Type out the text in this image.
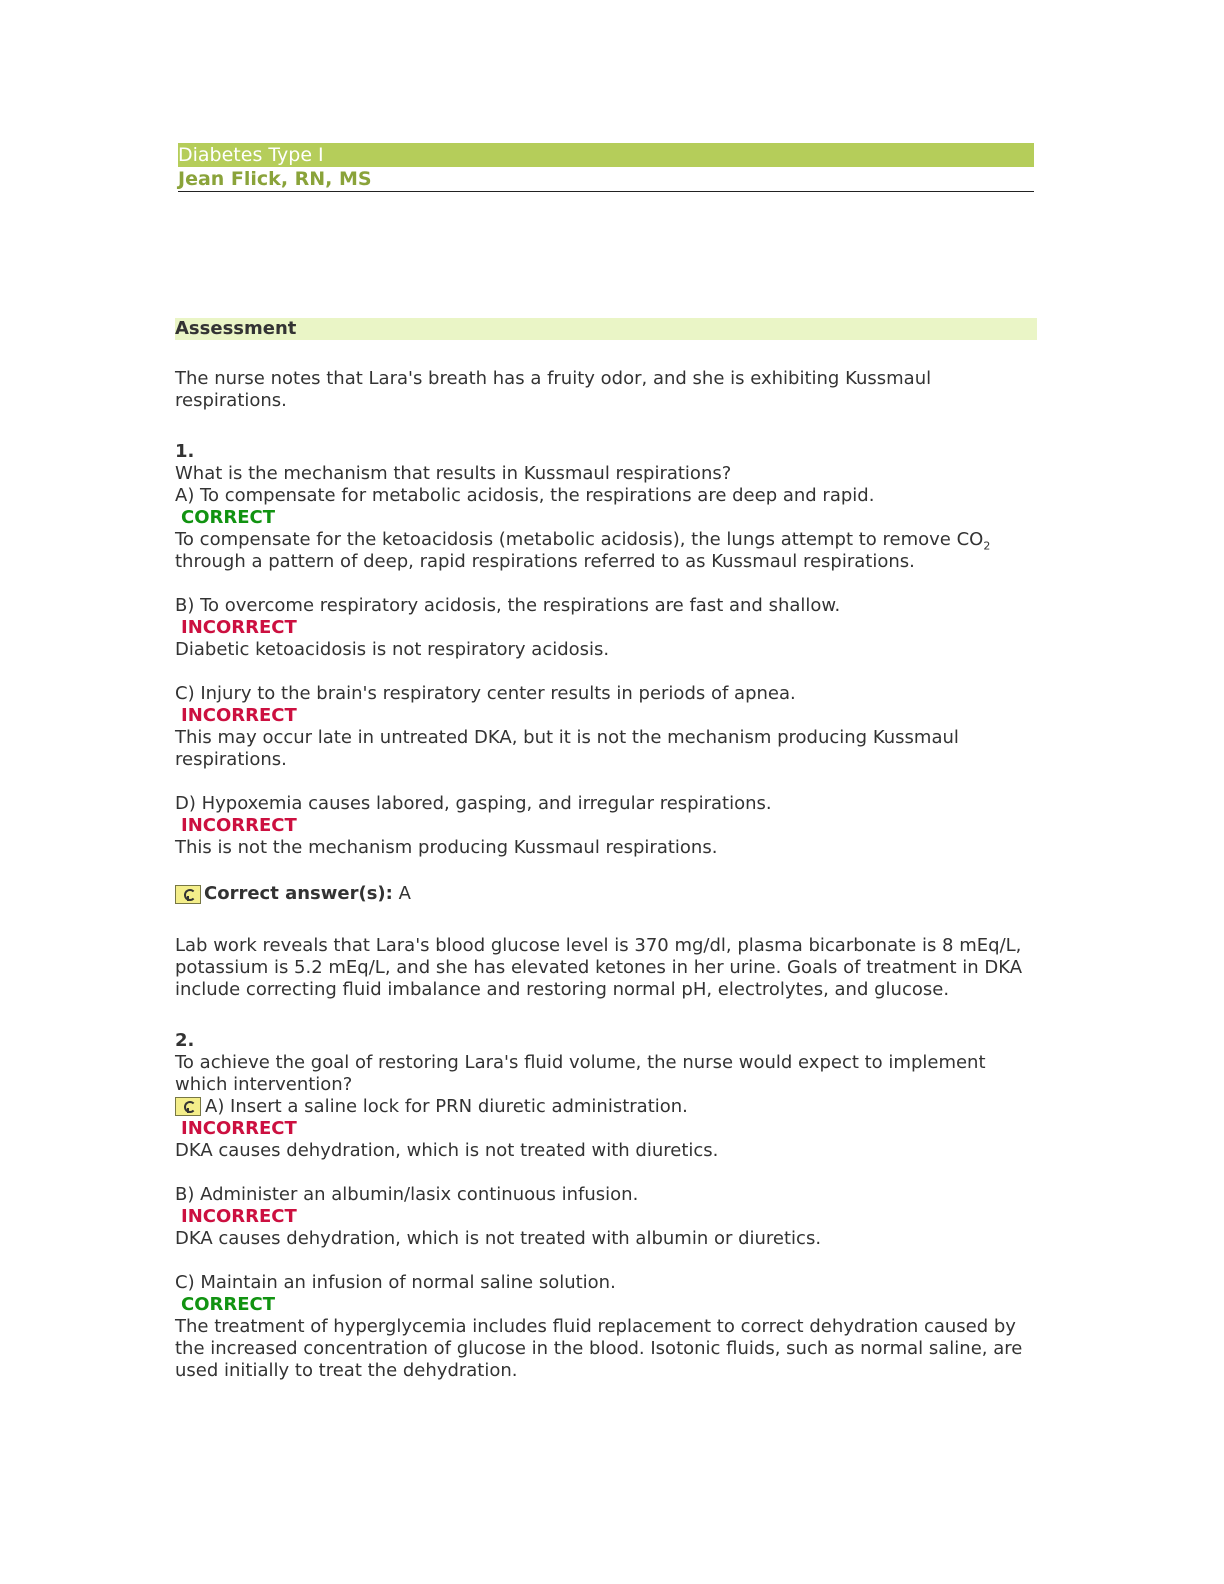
Diabetes Type I
Jean Flick, RN, MS
Assessment

The nurse notes that Lara's breath has a fruity odor, and she is exhibiting Kussmaul respirations.

1.

What is the mechanism that results in Kussmaul respirations?

A) To compensate for metabolic acidosis, the respirations are deep and rapid.

CORRECT

To compensate for the ketoacidosis (metabolic acidosis), the lungs attempt to remove $CO_2$ through a pattern of deep, rapid respirations referred to as Kussmaul respirations.

B) To overcome respiratory acidosis, the respirations are fast and shallow.

INCORRECT

Diabetic ketoacidosis is not respiratory acidosis.

C) Injury to the brain's respiratory center results in periods of apnea.

INCORRECT

This may occur late in untreated DKA, but it is not the mechanism producing Kussmaul respirations.

D) Hypoxemia causes labored, gasping, and irregular respirations.

INCORRECT

This is not the mechanism producing Kussmaul respirations.

Correct answer(s): A

Lab work reveals that Lara's blood glucose level is 370 mg/dl, plasma bicarbonate is 8 mEq/L, potassium is 5.2 mEq/L, and she has elevated ketones in her urine. Goals of treatment in DKA include correcting fluid imbalance and restoring normal pH, electrolytes, and glucose.

2.

To achieve the goal of restoring Lara's fluid volume, the nurse would expect to implement which intervention?

A) Insert a saline lock for PRN diuretic administration.

INCORRECT

DKA causes dehydration, which is not treated with diuretics.

B) Administer an albumin/lasix continuous infusion.

INCORRECT

DKA causes dehydration, which is not treated with albumin or diuretics.

C) Maintain an infusion of normal saline solution.

CORRECT

The treatment of hyperglycemia includes fluid replacement to correct dehydration caused by the increased concentration of glucose in the blood. Isotonic fluids, such as normal saline, are used initially to treat the dehydration.
